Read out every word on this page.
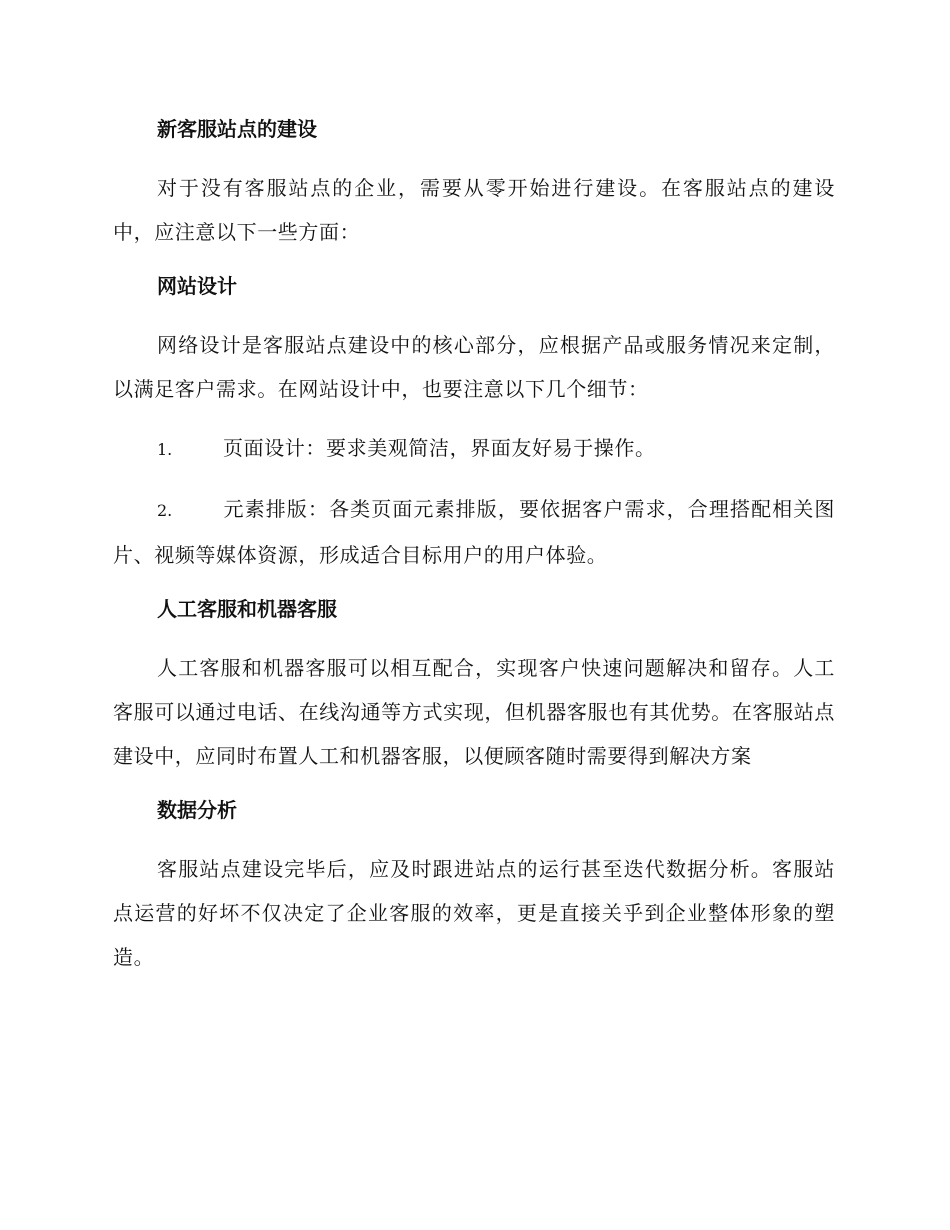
新客服站点的建设
对于没有客服站点的企业，需要从零开始进行建设。在客服站点的建设中，应注意以下一些方面：
网站设计
网络设计是客服站点建设中的核心部分，应根据产品或服务情况来定制，以满足客户需求。在网站设计中，也要注意以下几个细节：
1.	页面设计：要求美观简洁，界面友好易于操作。
2.	元素排版：各类页面元素排版，要依据客户需求，合理搭配相关图片、视频等媒体资源，形成适合目标用户的用户体验。
人工客服和机器客服
人工客服和机器客服可以相互配合，实现客户快速问题解决和留存。人工客服可以通过电话、在线沟通等方式实现，但机器客服也有其优势。在客服站点建设中，应同时布置人工和机器客服，以便顾客随时需要得到解决方案
数据分析
客服站点建设完毕后，应及时跟进站点的运行甚至迭代数据分析。客服站点运营的好坏不仅决定了企业客服的效率，更是直接关乎到企业整体形象的塑造。
